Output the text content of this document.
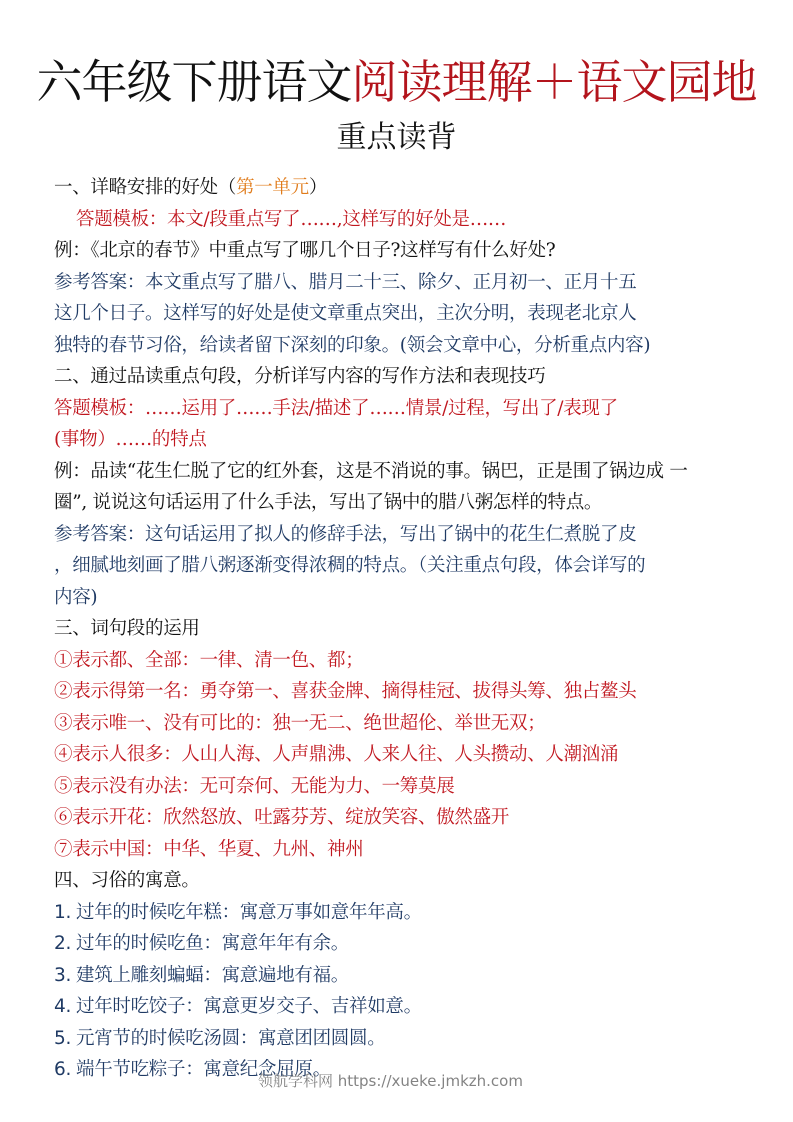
六年级下册语文阅读理解＋语文园地
重点读背
一、详略安排的好处（第一单元）
答题模板：本文/段重点写了……,这样写的好处是……
例：《北京的春节》中重点写了哪几个日子?这样写有什么好处?
参考答案：本文重点写了腊八、腊月二十三、除夕、正月初一、正月十五
这几个日子。这样写的好处是使文章重点突出，主次分明，表现老北京人
独特的春节习俗，给读者留下深刻的印象。(领会文章中心，分析重点内容)
二、通过品读重点句段，分析详写内容的写作方法和表现技巧
答题模板：……运用了……手法/描述了……情景/过程，写出了/表现了
(事物）……的特点
例：品读“花生仁脱了它的红外套，这是不消说的事。锅巴，正是围了锅边成 一
圈”, 说说这句话运用了什么手法，写出了锅中的腊八粥怎样的特点。
参考答案：这句话运用了拟人的修辞手法，写出了锅中的花生仁煮脱了皮
，细腻地刻画了腊八粥逐渐变得浓稠的特点。（关注重点句段，体会详写的
内容)
三、词句段的运用
①表示都、全部：一律、清一色、都；
②表示得第一名：勇夺第一、喜获金牌、摘得桂冠、拔得头筹、独占鳌头
③表示唯一、没有可比的：独一无二、绝世超伦、举世无双；
④表示人很多：人山人海、人声鼎沸、人来人往、人头攒动、人潮汹涌
⑤表示没有办法：无可奈何、无能为力、一筹莫展
⑥表示开花：欣然怒放、吐露芬芳、绽放笑容、傲然盛开
⑦表示中国：中华、华夏、九州、神州
四、习俗的寓意。
1. 过年的时候吃年糕：寓意万事如意年年高。
2. 过年的时候吃鱼：寓意年年有余。
3. 建筑上雕刻蝙蝠：寓意遍地有福。
4. 过年时吃饺子：寓意更岁交子、吉祥如意。
5. 元宵节的时候吃汤圆：寓意团团圆圆。
6. 端午节吃粽子：寓意纪念屈原。
领航学科网 https://xueke.jmkzh.com
